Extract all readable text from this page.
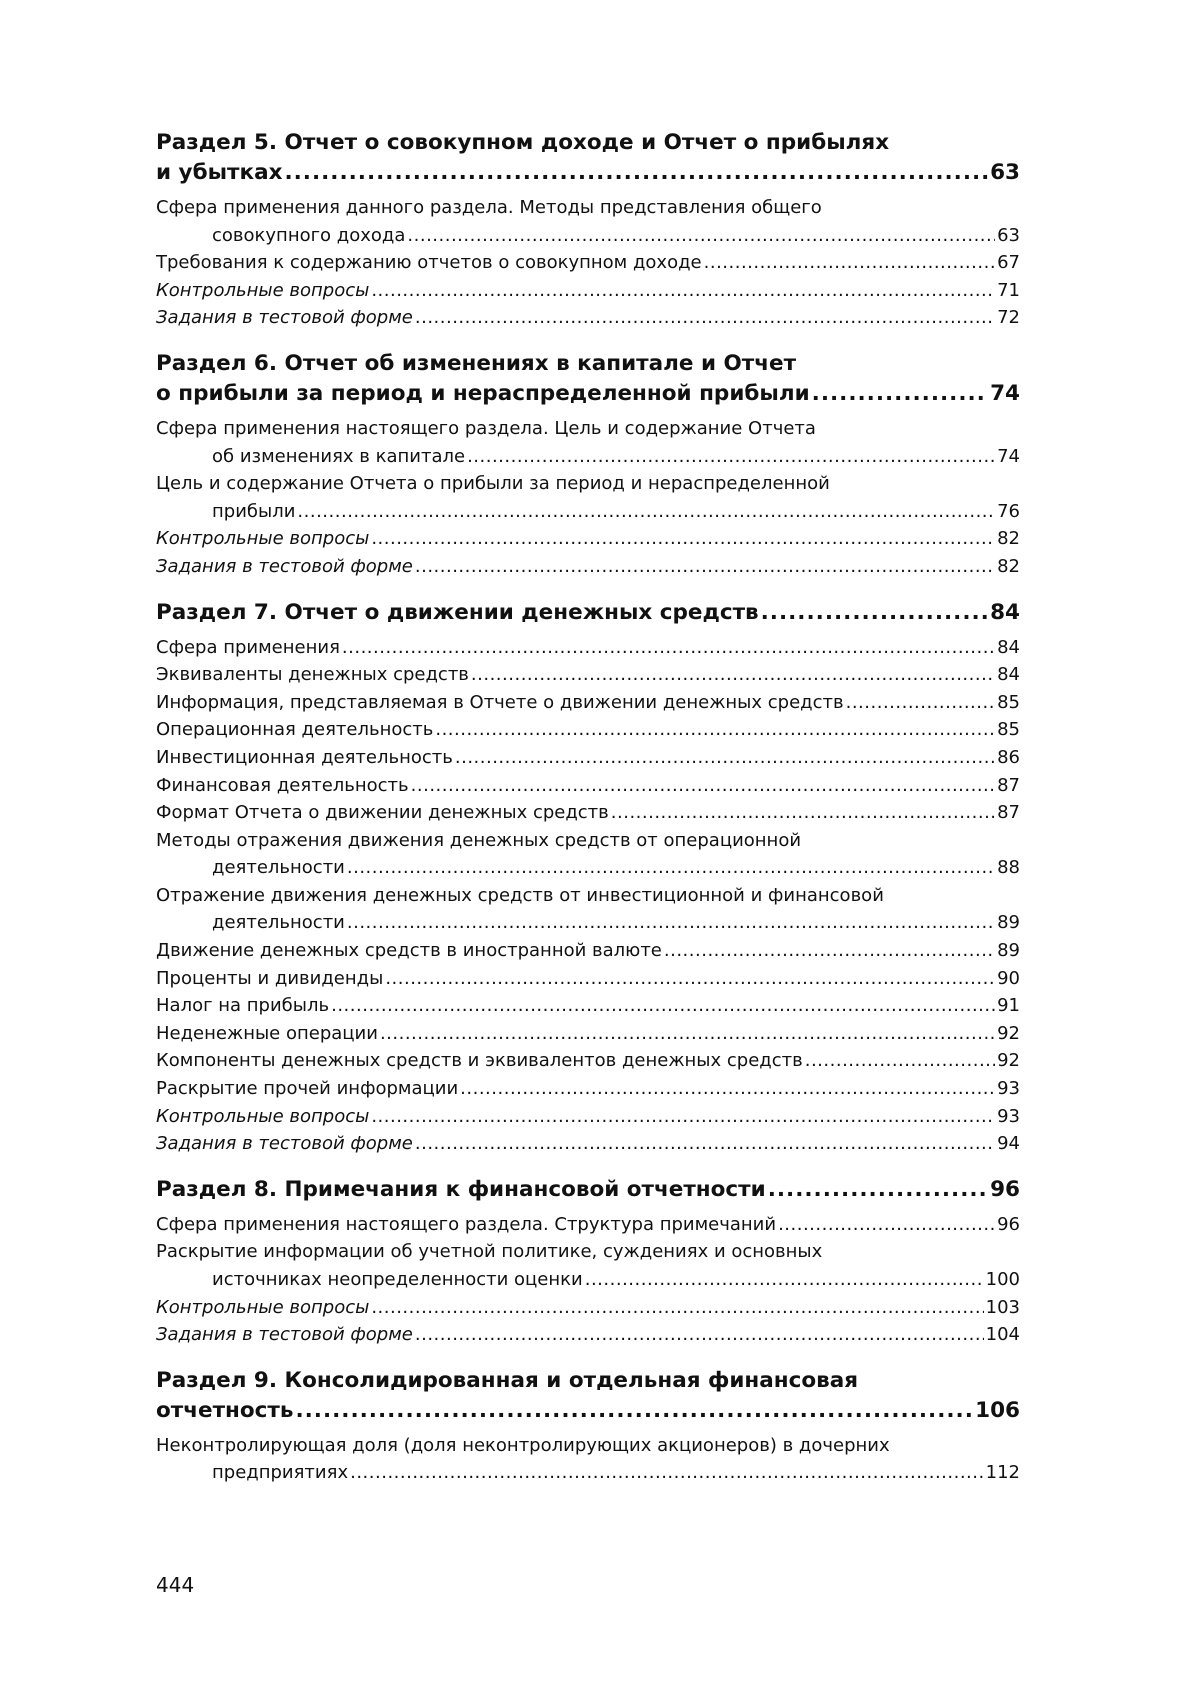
Раздел 5. Отчет о совокупном доходе и Отчет о прибылях
и убытках .....	63
Сфера применения данного раздела. Методы представления общего
совокупного дохода .....	63
Требования к содержанию отчетов о совокупном доходе .....	67
Контрольные вопросы .....	71
Задания в тестовой форме .....	72
Раздел 6. Отчет об изменениях в капитале и Отчет
о прибыли за период и нераспределенной прибыли .....	74
Сфера применения настоящего раздела. Цель и содержание Отчета
об изменениях в капитале .....	74
Цель и содержание Отчета о прибыли за период и нераспределенной
прибыли .....	76
Контрольные вопросы .....	82
Задания в тестовой форме .....	82
Раздел 7. Отчет о движении денежных средств .....	84
Сфера применения .....	84
Эквиваленты денежных средств .....	84
Информация, представляемая в Отчете о движении денежных средств .....	85
Операционная деятельность .....	85
Инвестиционная деятельность .....	86
Финансовая деятельность .....	87
Формат Отчета о движении денежных средств .....	87
Методы отражения движения денежных средств от операционной
деятельности .....	88
Отражение движения денежных средств от инвестиционной и финансовой
деятельности .....	89
Движение денежных средств в иностранной валюте .....	89
Проценты и дивиденды .....	90
Налог на прибыль .....	91
Неденежные операции .....	92
Компоненты денежных средств и эквивалентов денежных средств .....	92
Раскрытие прочей информации .....	93
Контрольные вопросы .....	93
Задания в тестовой форме .....	94
Раздел 8. Примечания к финансовой отчетности .....	96
Сфера применения настоящего раздела. Структура примечаний .....	96
Раскрытие информации об учетной политике, суждениях и основных
источниках неопределенности оценки .....	100
Контрольные вопросы .....	103
Задания в тестовой форме .....	104
Раздел 9. Консолидированная и отдельная финансовая
отчетность .....	106
Неконтролирующая доля (доля неконтролирующих акционеров) в дочерних
предприятиях .....	112
444
